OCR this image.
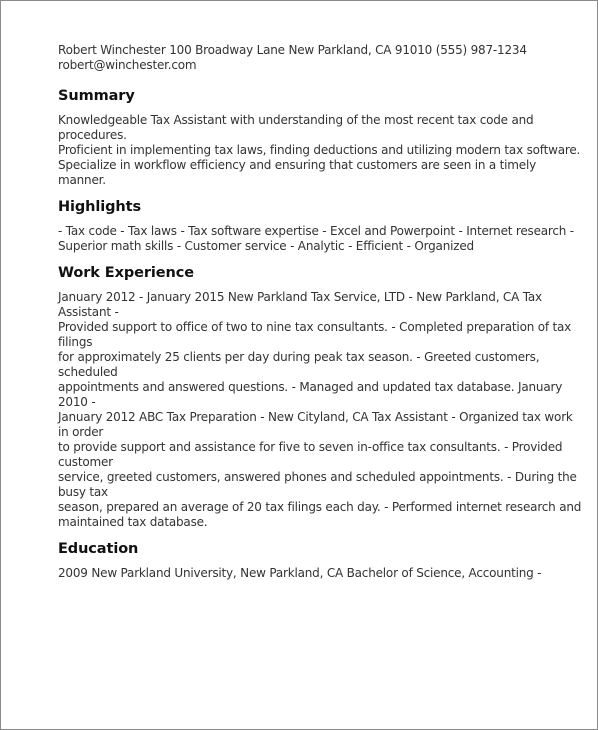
Robert Winchester 100 Broadway Lane New Parkland, CA 91010 (555) 987-1234
robert@winchester.com
Summary
Knowledgeable Tax Assistant with understanding of the most recent tax code and procedures.
Proficient in implementing tax laws, finding deductions and utilizing modern tax software.
Specialize in workflow efficiency and ensuring that customers are seen in a timely manner.
Highlights
- Tax code - Tax laws - Tax software expertise - Excel and Powerpoint - Internet research -
Superior math skills - Customer service - Analytic - Efficient - Organized
Work Experience
January 2012 - January 2015 New Parkland Tax Service, LTD - New Parkland, CA Tax Assistant -
Provided support to office of two to nine tax consultants. - Completed preparation of tax filings
for approximately 25 clients per day during peak tax season. - Greeted customers, scheduled
appointments and answered questions. - Managed and updated tax database. January 2010 -
January 2012 ABC Tax Preparation - New Cityland, CA Tax Assistant - Organized tax work in order
to provide support and assistance for five to seven in-office tax consultants. - Provided customer
service, greeted customers, answered phones and scheduled appointments. - During the busy tax
season, prepared an average of 20 tax filings each day. - Performed internet research and
maintained tax database.
Education
2009 New Parkland University, New Parkland, CA Bachelor of Science, Accounting -
